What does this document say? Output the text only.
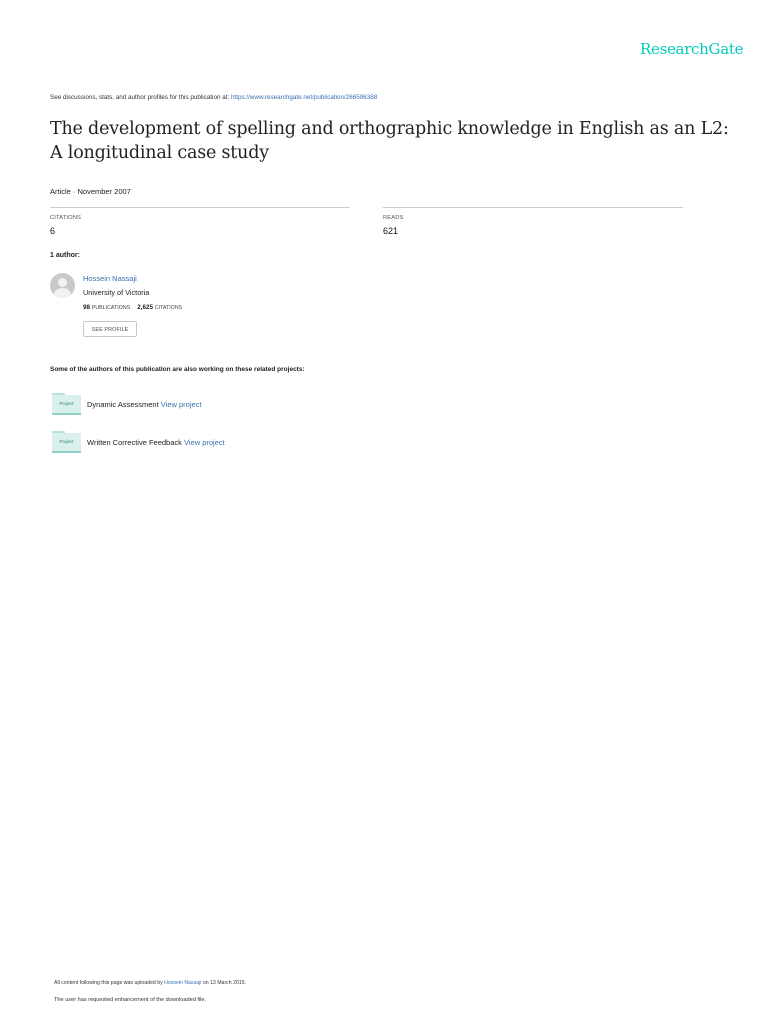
ResearchGate
See discussions, stats, and author profiles for this publication at: https://www.researchgate.net/publication/266596388
The development of spelling and orthographic knowledge in English as an L2: A longitudinal case study
Article · November 2007
CITATIONS
6
READS
621
1 author:
Hossein Nassaji
University of Victoria
98 PUBLICATIONS 2,625 CITATIONS
SEE PROFILE
Some of the authors of this publication are also working on these related projects:
Project	Dynamic Assessment View project
Project	Written Corrective Feedback View project
All content following this page was uploaded by Hossein Nassaji on 13 March 2015.
The user has requested enhancement of the downloaded file.
